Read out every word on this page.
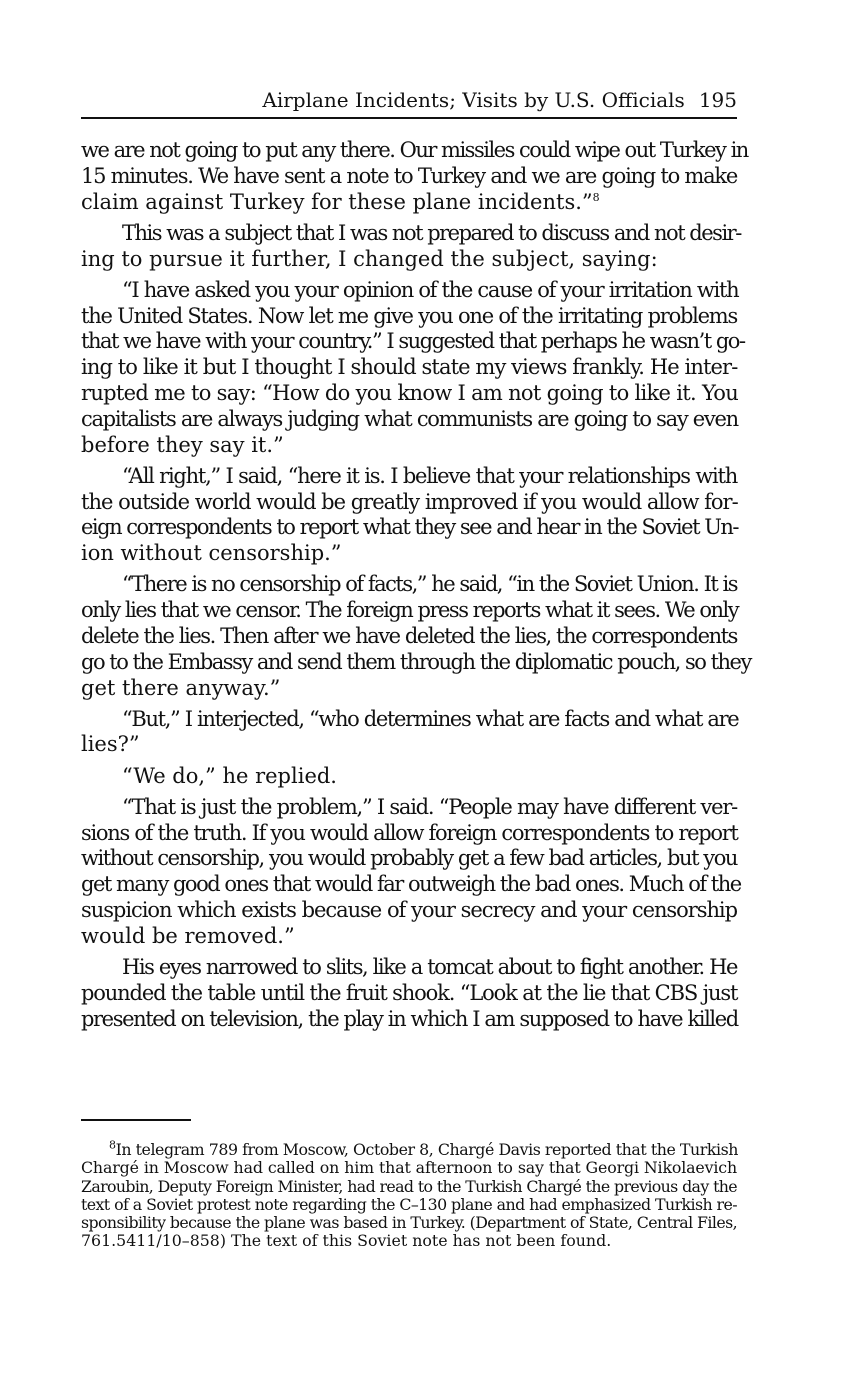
Airplane Incidents; Visits by U.S. Officials 195
we are not going to put any there. Our missiles could wipe out Turkey in
15 minutes. We have sent a note to Turkey and we are going to make
claim against Turkey for these plane incidents.”$^8$
This was a subject that I was not prepared to discuss and not desir-
ing to pursue it further, I changed the subject, saying:
“I have asked you your opinion of the cause of your irritation with
the United States. Now let me give you one of the irritating problems
that we have with your country.” I suggested that perhaps he wasn’t go-
ing to like it but I thought I should state my views frankly. He inter-
rupted me to say: “How do you know I am not going to like it. You
capitalists are always judging what communists are going to say even
before they say it.”
“All right,” I said, “here it is. I believe that your relationships with
the outside world would be greatly improved if you would allow for-
eign correspondents to report what they see and hear in the Soviet Un-
ion without censorship.”
“There is no censorship of facts,” he said, “in the Soviet Union. It is
only lies that we censor. The foreign press reports what it sees. We only
delete the lies. Then after we have deleted the lies, the correspondents
go to the Embassy and send them through the diplomatic pouch, so they
get there anyway.”
“But,” I interjected, “who determines what are facts and what are
lies?”
“We do,” he replied.
“That is just the problem,” I said. “People may have different ver-
sions of the truth. If you would allow foreign correspondents to report
without censorship, you would probably get a few bad articles, but you
get many good ones that would far outweigh the bad ones. Much of the
suspicion which exists because of your secrecy and your censorship
would be removed.”
His eyes narrowed to slits, like a tomcat about to fight another. He
pounded the table until the fruit shook. “Look at the lie that CBS just
presented on television, the play in which I am supposed to have killed
$^8$In telegram 789 from Moscow, October 8, Chargé Davis reported that the Turkish
Chargé in Moscow had called on him that afternoon to say that Georgi Nikolaevich
Zaroubin, Deputy Foreign Minister, had read to the Turkish Chargé the previous day the
text of a Soviet protest note regarding the C–130 plane and had emphasized Turkish re-
sponsibility because the plane was based in Turkey. (Department of State, Central Files,
761.5411/10–858) The text of this Soviet note has not been found.
